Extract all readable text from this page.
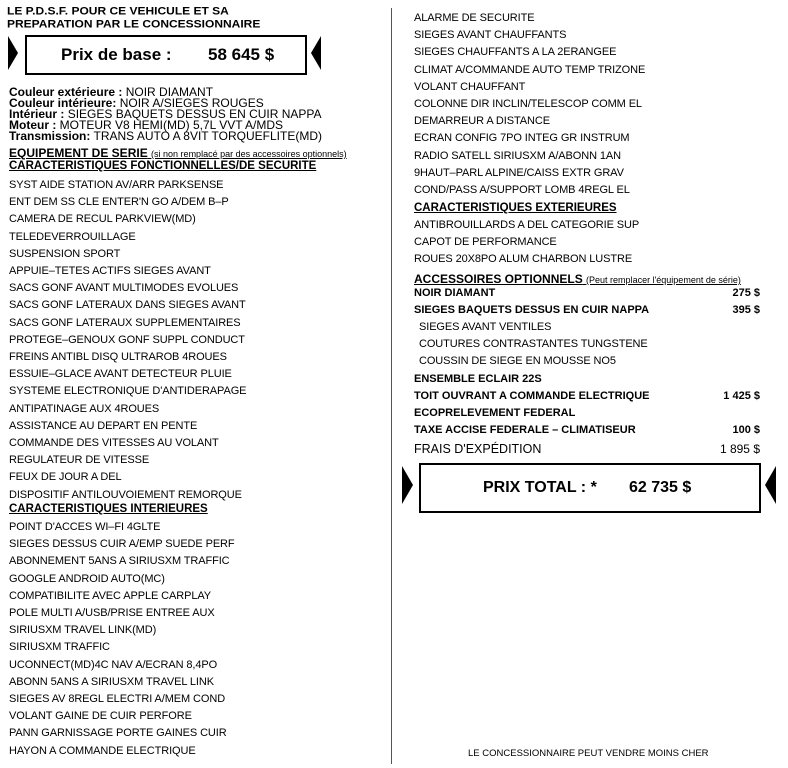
LE P.D.S.F. POUR CE VEHICULE ET SA
PREPARATION PAR LE CONCESSIONNAIRE
Prix de base : 58 645 $
Couleur extérieure : NOIR DIAMANT
Couleur intérieure: NOIR A/SIEGES ROUGES
Intérieur : SIEGES BAQUETS DESSUS EN CUIR NAPPA
Moteur : MOTEUR V8 HEMI(MD) 5,7L VVT A/MDS
Transmission: TRANS AUTO A 8VIT TORQUEFLITE(MD)
EQUIPEMENT DE SERIE (si non remplacé par des accessoires optionnels)
CARACTERISTIQUES FONCTIONNELLES/DE SECURITE
SYST AIDE STATION AV/ARR PARKSENSE
ENT DEM SS CLE ENTER'N GO A/DEM B–P
CAMERA DE RECUL PARKVIEW(MD)
TELEDEVERROUILLAGE
SUSPENSION SPORT
APPUIE–TETES ACTIFS SIEGES AVANT
SACS GONF AVANT MULTIMODES EVOLUES
SACS GONF LATERAUX DANS SIEGES AVANT
SACS GONF LATERAUX SUPPLEMENTAIRES
PROTEGE–GENOUX GONF SUPPL CONDUCT
FREINS ANTIBL DISQ ULTRAROB 4ROUES
ESSUIE–GLACE AVANT DETECTEUR PLUIE
SYSTEME ELECTRONIQUE D'ANTIDERAPAGE
ANTIPATINAGE AUX 4ROUES
ASSISTANCE AU DEPART EN PENTE
COMMANDE DES VITESSES AU VOLANT
REGULATEUR DE VITESSE
FEUX DE JOUR A DEL
DISPOSITIF ANTILOUVOIEMENT REMORQUE
CARACTERISTIQUES INTERIEURES
POINT D'ACCES WI–FI 4GLTE
SIEGES DESSUS CUIR A/EMP SUEDE PERF
ABONNEMENT 5ANS A SIRIUSXM TRAFFIC
GOOGLE ANDROID AUTO(MC)
COMPATIBILITE AVEC APPLE CARPLAY
POLE MULTI A/USB/PRISE ENTREE AUX
SIRIUSXM TRAVEL LINK(MD)
SIRIUSXM TRAFFIC
UCONNECT(MD)4C NAV A/ECRAN 8,4PO
ABONN 5ANS A SIRIUSXM TRAVEL LINK
SIEGES AV 8REGL ELECTRI A/MEM COND
VOLANT GAINE DE CUIR PERFORE
PANN GARNISSAGE PORTE GAINES CUIR
HAYON A COMMANDE ELECTRIQUE
ALARME DE SECURITE
SIEGES AVANT CHAUFFANTS
SIEGES CHAUFFANTS A LA 2ERANGEE
CLIMAT A/COMMANDE AUTO TEMP TRIZONE
VOLANT CHAUFFANT
COLONNE DIR INCLIN/TELESCOP COMM EL
DEMARREUR A DISTANCE
ECRAN CONFIG 7PO INTEG GR INSTRUM
RADIO SATELL SIRIUSXM A/ABONN 1AN
9HAUT–PARL ALPINE/CAISS EXTR GRAV
COND/PASS A/SUPPORT LOMB 4REGL EL
CARACTERISTIQUES EXTERIEURES
ANTIBROUILLARDS A DEL CATEGORIE SUP
CAPOT DE PERFORMANCE
ROUES 20X8PO ALUM CHARBON LUSTRE
ACCESSOIRES OPTIONNELS (Peut remplacer l'équipement de série)
NOIR DIAMANT	275 $
SIEGES BAQUETS DESSUS EN CUIR NAPPA	395 $
SIEGES AVANT VENTILES
COUTURES CONTRASTANTES TUNGSTENE
COUSSIN DE SIEGE EN MOUSSE NO5
ENSEMBLE ECLAIR 22S
TOIT OUVRANT A COMMANDE ELECTRIQUE	1 425 $
ECOPRELEVEMENT FEDERAL
TAXE ACCISE FEDERALE – CLIMATISEUR	100 $
FRAIS D'EXPÉDITION	1 895 $
PRIX TOTAL : * 62 735 $
LE CONCESSIONNAIRE PEUT VENDRE MOINS CHER
